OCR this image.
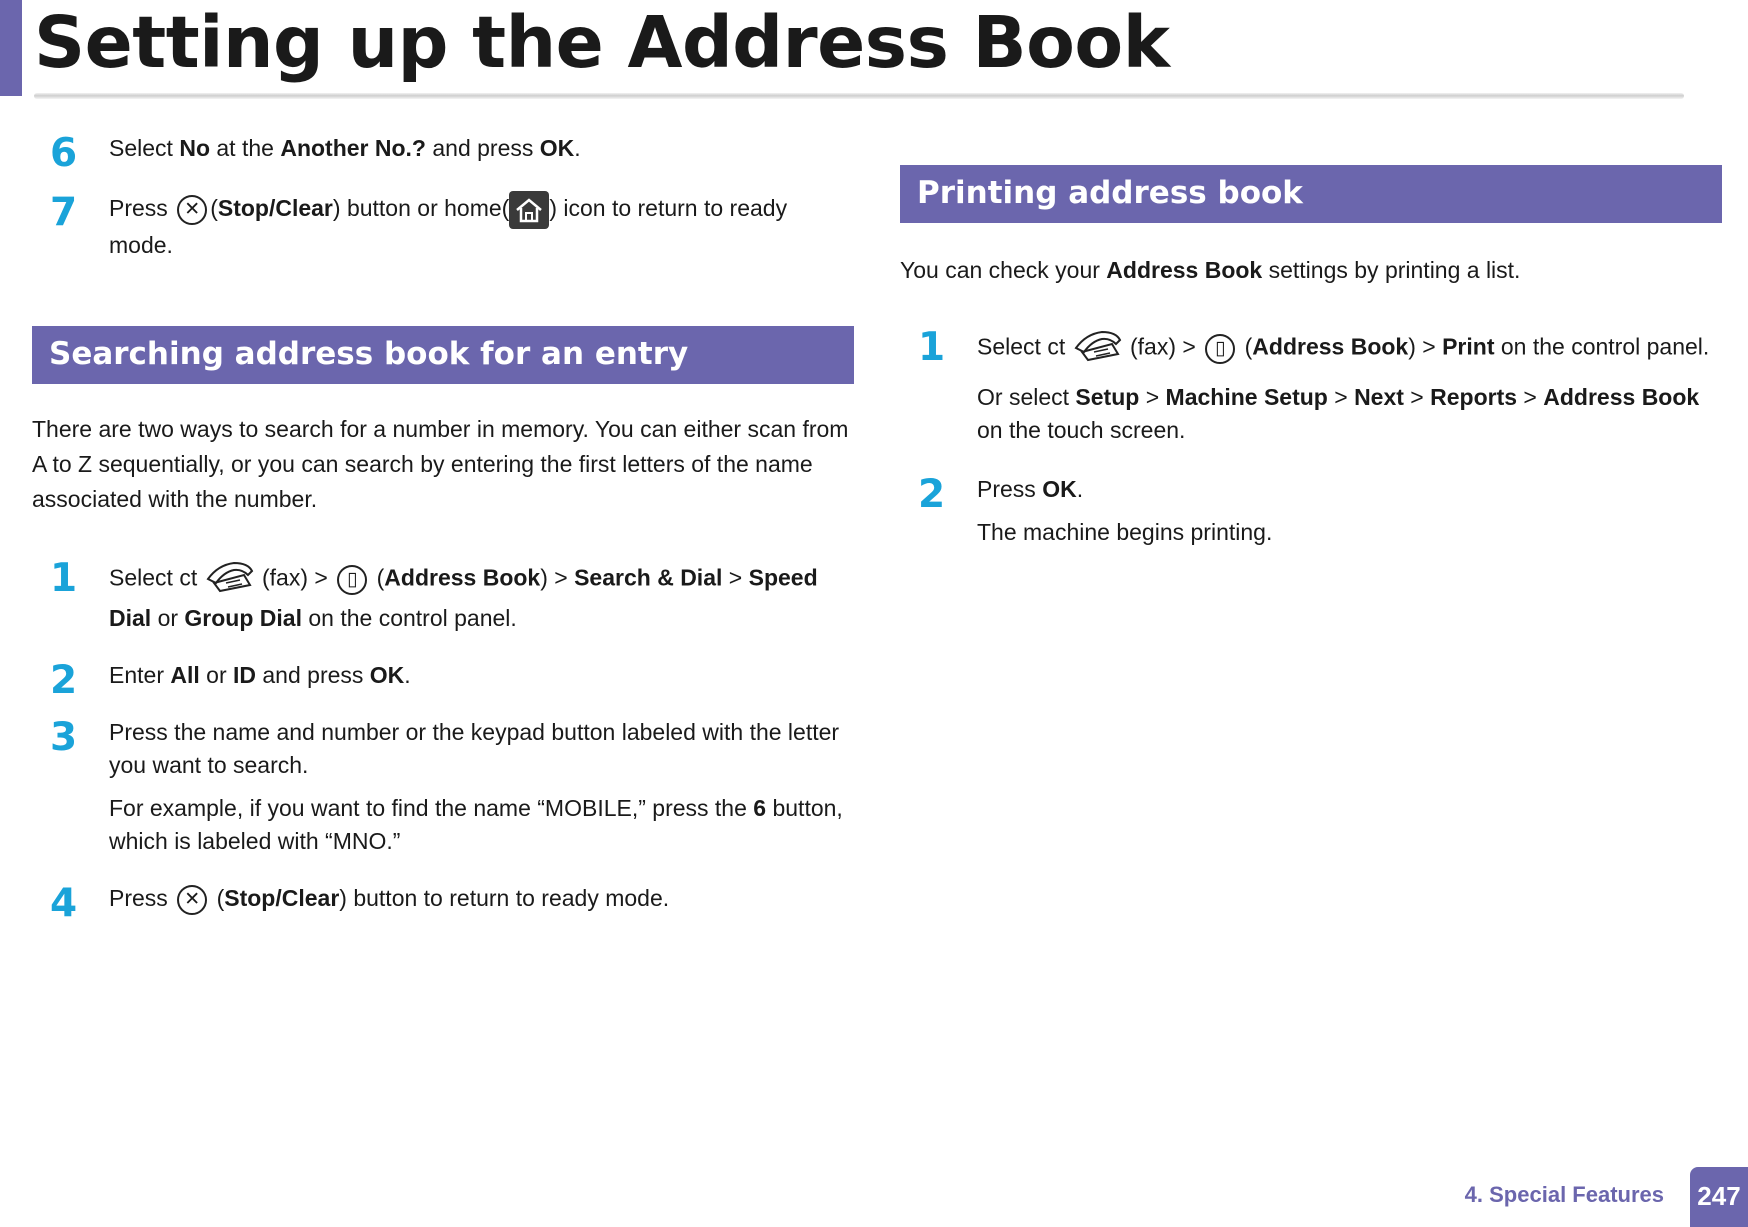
Setting up the Address Book
6	Select No at the Another No.? and press OK.

7	Press ✕ (Stop/Clear) button or home( ) icon to return to ready mode.

Searching address book for an entry

There are two ways to search for a number in memory. You can either scan from A to Z sequentially, or you can search by entering the first letters of the name associated with the number.

1	Select ct  (fax) > ▯ (Address Book) > Search & Dial > Speed Dial or Group Dial on the control panel.

2	Enter All or ID and press OK.

3	Press the name and number or the keypad button labeled with the letter you want to search.

For example, if you want to find the name “MOBILE,” press the 6 button, which is labeled with “MNO.”

4	Press ✕ (Stop/Clear) button to return to ready mode.

Printing address book

You can check your Address Book settings by printing a list.

1	Select ct  (fax) > ▯ (Address Book) > Print on the control panel.

Or select Setup > Machine Setup > Next > Reports > Address Book on the touch screen.

2	Press OK.

The machine begins printing.

4. Special Features 247
